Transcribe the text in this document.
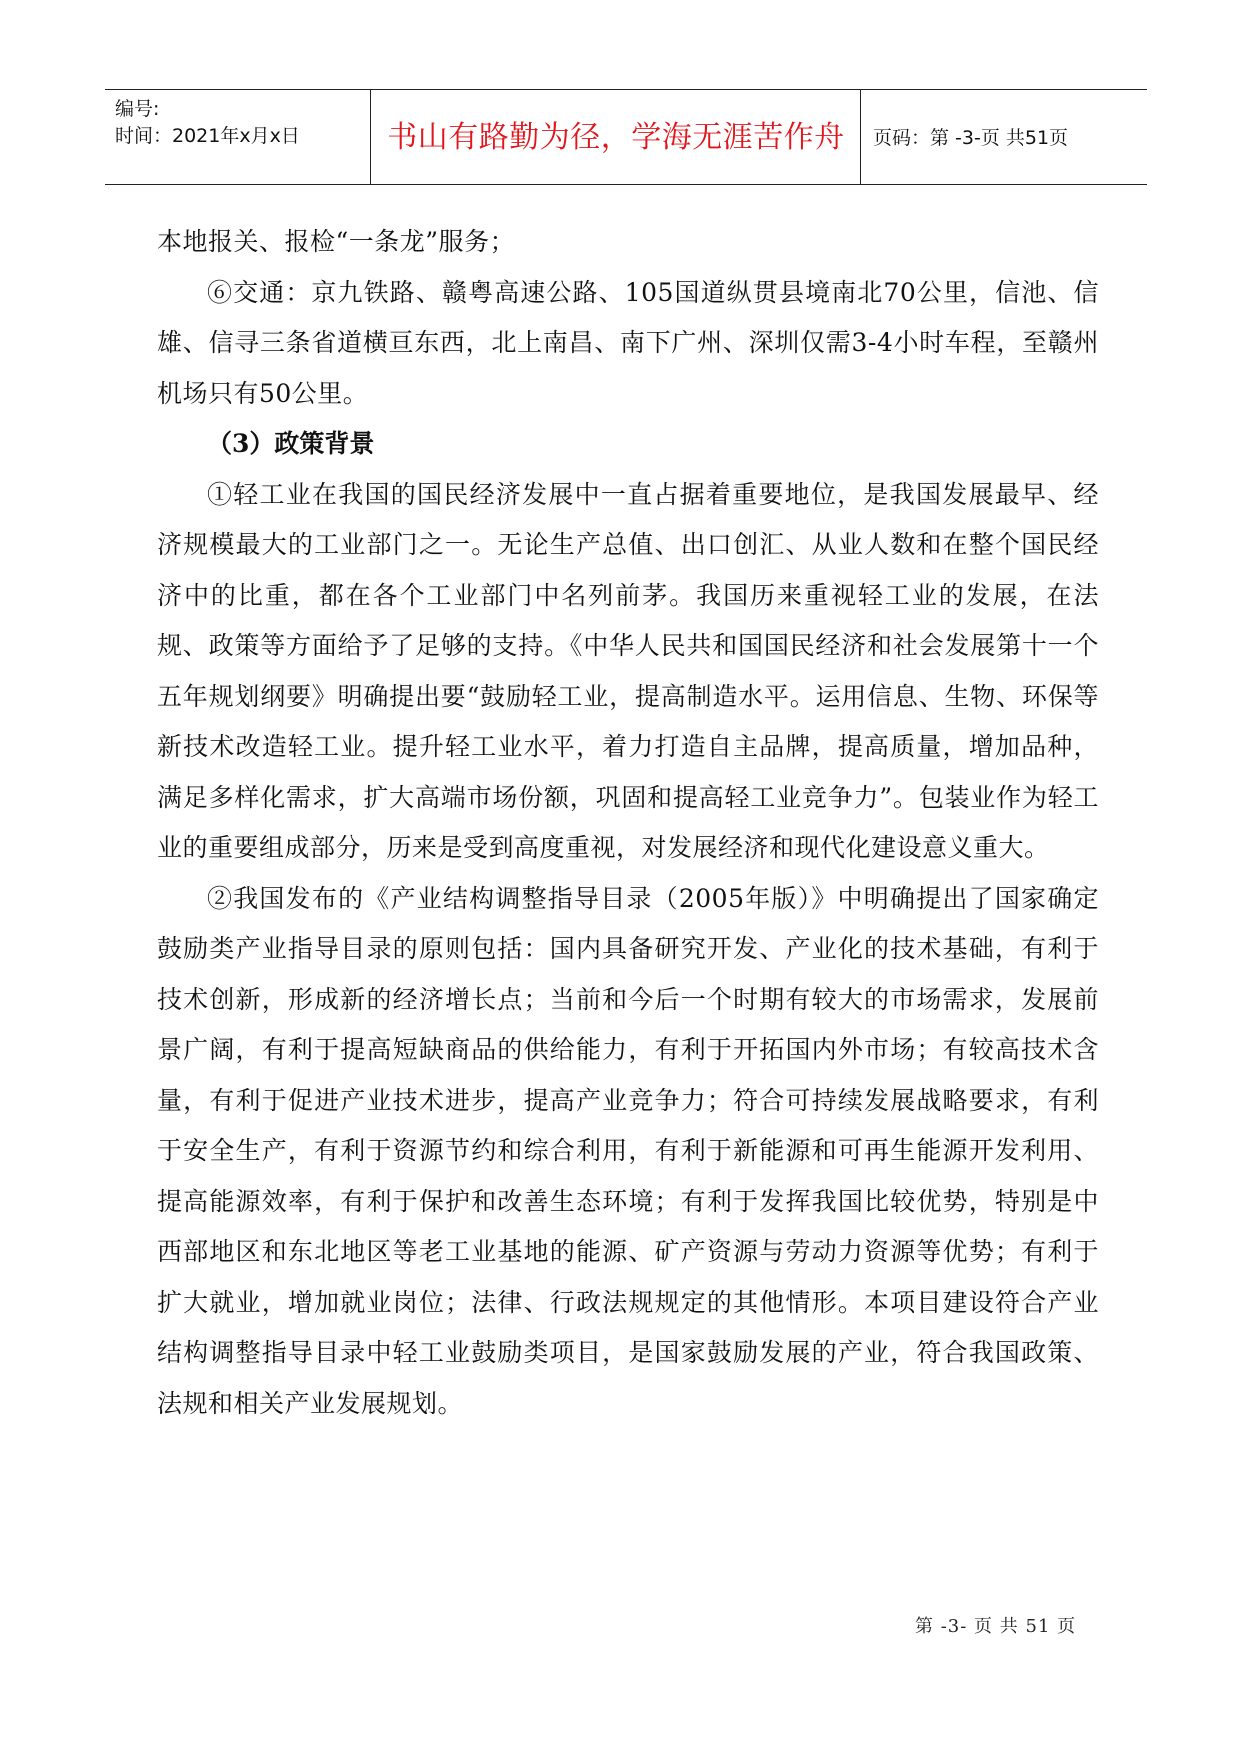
编号:
时间：2021年x月x日	书山有路勤为径，学海无涯苦作舟	页码：第 -3-页 共51页

本地报关、报检“一条龙”服务；

⑥交通：京九铁路、赣粤高速公路、105国道纵贯县境南北70公里，信池、信雄、信寻三条省道横亘东西，北上南昌、南下广州、深圳仅需3-4小时车程，至赣州机场只有50公里。

（3）政策背景

①轻工业在我国的国民经济发展中一直占据着重要地位，是我国发展最早、经济规模最大的工业部门之一。无论生产总值、出口创汇、从业人数和在整个国民经济中的比重，都在各个工业部门中名列前茅。我国历来重视轻工业的发展，在法规、政策等方面给予了足够的支持。《中华人民共和国国民经济和社会发展第十一个五年规划纲要》明确提出要“鼓励轻工业，提高制造水平。运用信息、生物、环保等新技术改造轻工业。提升轻工业水平，着力打造自主品牌，提高质量，增加品种，满足多样化需求，扩大高端市场份额，巩固和提高轻工业竞争力”。包装业作为轻工业的重要组成部分，历来是受到高度重视，对发展经济和现代化建设意义重大。

②我国发布的《产业结构调整指导目录（2005年版）》中明确提出了国家确定鼓励类产业指导目录的原则包括：国内具备研究开发、产业化的技术基础，有利于技术创新，形成新的经济增长点；当前和今后一个时期有较大的市场需求，发展前景广阔，有利于提高短缺商品的供给能力，有利于开拓国内外市场；有较高技术含量，有利于促进产业技术进步，提高产业竞争力；符合可持续发展战略要求，有利于安全生产，有利于资源节约和综合利用，有利于新能源和可再生能源开发利用、提高能源效率，有利于保护和改善生态环境；有利于发挥我国比较优势，特别是中西部地区和东北地区等老工业基地的能源、矿产资源与劳动力资源等优势；有利于扩大就业，增加就业岗位；法律、行政法规规定的其他情形。本项目建设符合产业结构调整指导目录中轻工业鼓励类项目，是国家鼓励发展的产业，符合我国政策、法规和相关产业发展规划。

第 -3- 页 共 51 页
